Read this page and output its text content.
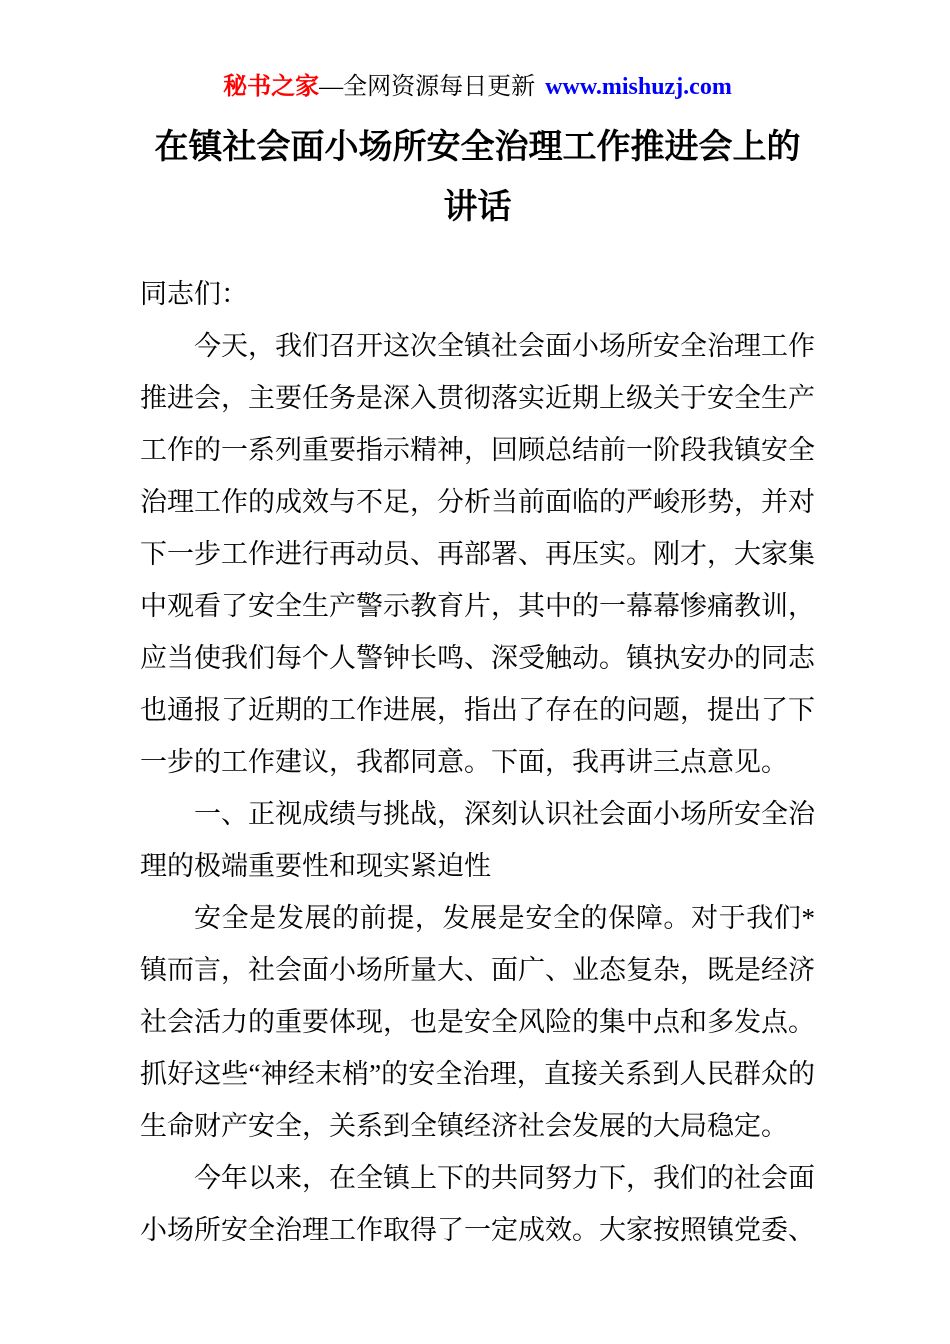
秘书之家—全网资源每日更新 www.mishuzj.com
在镇社会面小场所安全治理工作推进会上的
讲话

同志们：

今天，我们召开这次全镇社会面小场所安全治理工作推进会，主要任务是深入贯彻落实近期上级关于安全生产工作的一系列重要指示精神，回顾总结前一阶段我镇安全治理工作的成效与不足，分析当前面临的严峻形势，并对下一步工作进行再动员、再部署、再压实。刚才，大家集中观看了安全生产警示教育片，其中的一幕幕惨痛教训，应当使我们每个人警钟长鸣、深受触动。镇执安办的同志也通报了近期的工作进展，指出了存在的问题，提出了下一步的工作建议，我都同意。下面，我再讲三点意见。

一、正视成绩与挑战，深刻认识社会面小场所安全治理的极端重要性和现实紧迫性

安全是发展的前提，发展是安全的保障。对于我们*镇而言，社会面小场所量大、面广、业态复杂，既是经济社会活力的重要体现，也是安全风险的集中点和多发点。抓好这些“神经末梢”的安全治理，直接关系到人民群众的生命财产安全，关系到全镇经济社会发展的大局稳定。

今年以来，在全镇上下的共同努力下，我们的社会面小场所安全治理工作取得了一定成效。大家按照镇党委、
